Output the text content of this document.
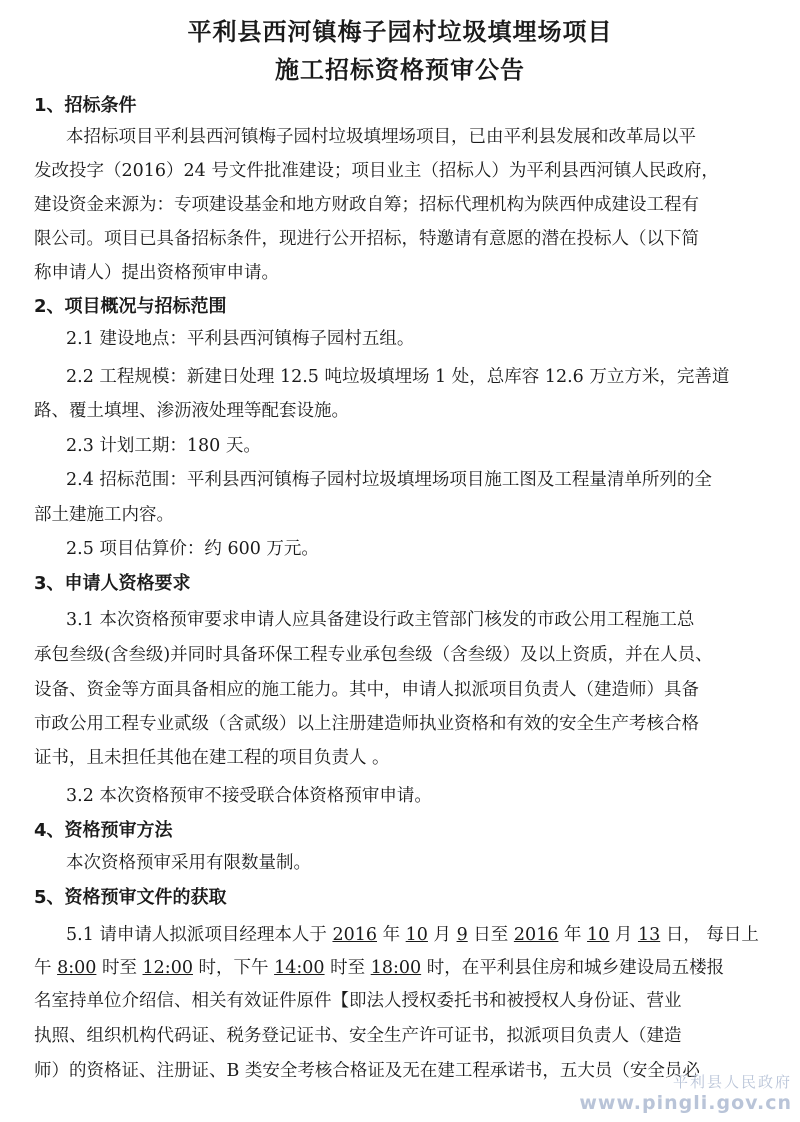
平利县西河镇梅子园村垃圾填埋场项目
施工招标资格预审公告
1、招标条件
本招标项目平利县西河镇梅子园村垃圾填埋场项目，已由平利县发展和改革局以平
发改投字（2016）24 号文件批准建设；项目业主（招标人）为平利县西河镇人民政府，
建设资金来源为：专项建设基金和地方财政自筹；招标代理机构为陕西仲成建设工程有
限公司。项目已具备招标条件，现进行公开招标，特邀请有意愿的潜在投标人（以下简
称申请人）提出资格预审申请。
2、项目概况与招标范围
2.1 建设地点：平利县西河镇梅子园村五组。
2.2 工程规模：新建日处理 12.5 吨垃圾填埋场 1 处，总库容 12.6 万立方米，完善道
路、覆土填埋、渗沥液处理等配套设施。
2.3 计划工期：180 天。
2.4 招标范围：平利县西河镇梅子园村垃圾填埋场项目施工图及工程量清单所列的全
部土建施工内容。
2.5 项目估算价：约 600 万元。
3、申请人资格要求
3.1 本次资格预审要求申请人应具备建设行政主管部门核发的市政公用工程施工总
承包叁级(含叁级)并同时具备环保工程专业承包叁级（含叁级）及以上资质，并在人员、
设备、资金等方面具备相应的施工能力。其中，申请人拟派项目负责人（建造师）具备
市政公用工程专业贰级（含贰级）以上注册建造师执业资格和有效的安全生产考核合格
证书，且未担任其他在建工程的项目负责人 。
3.2 本次资格预审不接受联合体资格预审申请。
4、资格预审方法
本次资格预审采用有限数量制。
5、资格预审文件的获取
5.1 请申请人拟派项目经理本人于 2016 年 10 月 9 日至 2016 年 10 月 13 日， 每日上
午 8:00 时至 12:00 时，下午 14:00 时至 18:00 时，在平利县住房和城乡建设局五楼报
名室持单位介绍信、相关有效证件原件【即法人授权委托书和被授权人身份证、营业
执照、组织机构代码证、税务登记证书、安全生产许可证书，拟派项目负责人（建造
师）的资格证、注册证、B 类安全考核合格证及无在建工程承诺书，五大员（安全员必
平利县人民政府
www.pingli.gov.cn
